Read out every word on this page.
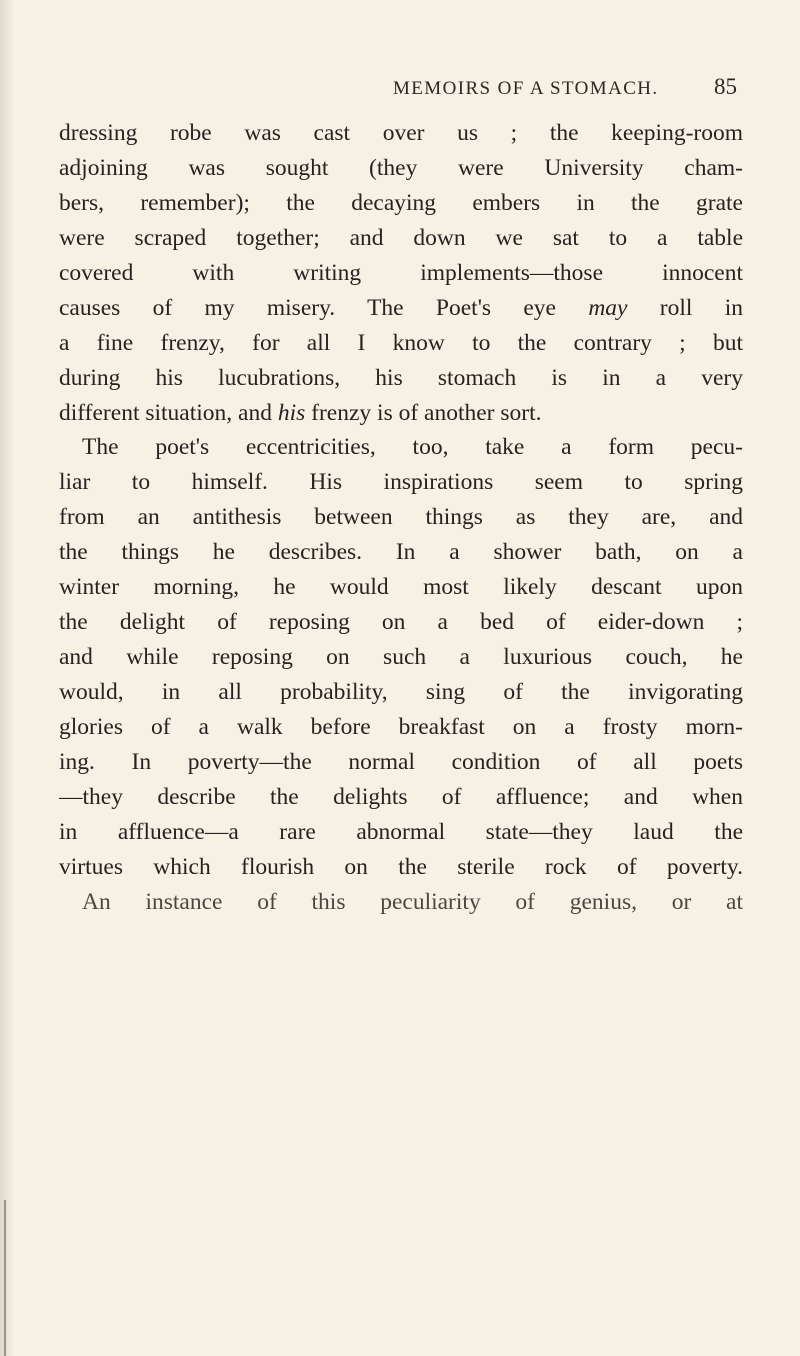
MEMOIRS OF A STOMACH. 85
dressing robe was cast over us ; the keeping-room
adjoining was sought (they were University cham-
bers, remember); the decaying embers in the grate
were scraped together; and down we sat to a table
covered with writing implements—those innocent
causes of my misery. The Poet's eye may roll in
a fine frenzy, for all I know to the contrary ; but
during his lucubrations, his stomach is in a very
different situation, and his frenzy is of another sort.
The poet's eccentricities, too, take a form pecu-
liar to himself. His inspirations seem to spring
from an antithesis between things as they are, and
the things he describes. In a shower bath, on a
winter morning, he would most likely descant upon
the delight of reposing on a bed of eider-down ;
and while reposing on such a luxurious couch, he
would, in all probability, sing of the invigorating
glories of a walk before breakfast on a frosty morn-
ing. In poverty—the normal condition of all poets
—they describe the delights of affluence; and when
in affluence—a rare abnormal state—they laud the
virtues which flourish on the sterile rock of poverty.
An instance of this peculiarity of genius, or at
